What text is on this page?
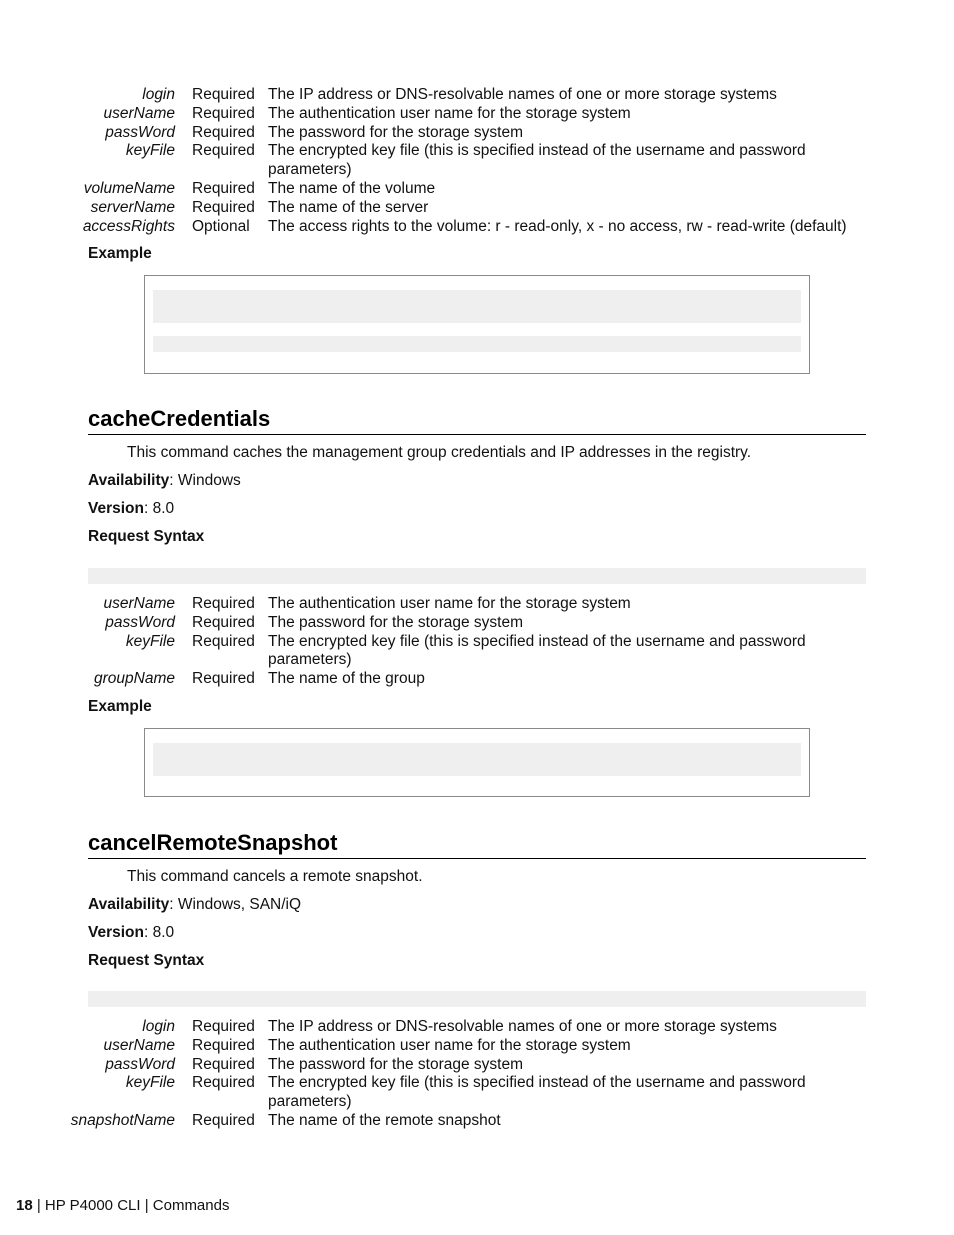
login Required The IP address or DNS-resolvable names of one or more storage systems
userName Required The authentication user name for the storage system
passWord Required The password for the storage system
keyFile Required The encrypted key file (this is specified instead of the username and password parameters)
volumeName Required The name of the volume
serverName Required The name of the server
accessRights Optional The access rights to the volume: r - read-only, x - no access, rw - read-write (default)
Example
cacheCredentials
This command caches the management group credentials and IP addresses in the registry.
Availability: Windows
Version: 8.0
Request Syntax
userName Required The authentication user name for the storage system
passWord Required The password for the storage system
keyFile Required The encrypted key file (this is specified instead of the username and password parameters)
groupName Required The name of the group
Example
cancelRemoteSnapshot
This command cancels a remote snapshot.
Availability: Windows, SAN/iQ
Version: 8.0
Request Syntax
login Required The IP address or DNS-resolvable names of one or more storage systems
userName Required The authentication user name for the storage system
passWord Required The password for the storage system
keyFile Required The encrypted key file (this is specified instead of the username and password parameters)
snapshotName Required The name of the remote snapshot
18 | HP P4000 CLI | Commands
